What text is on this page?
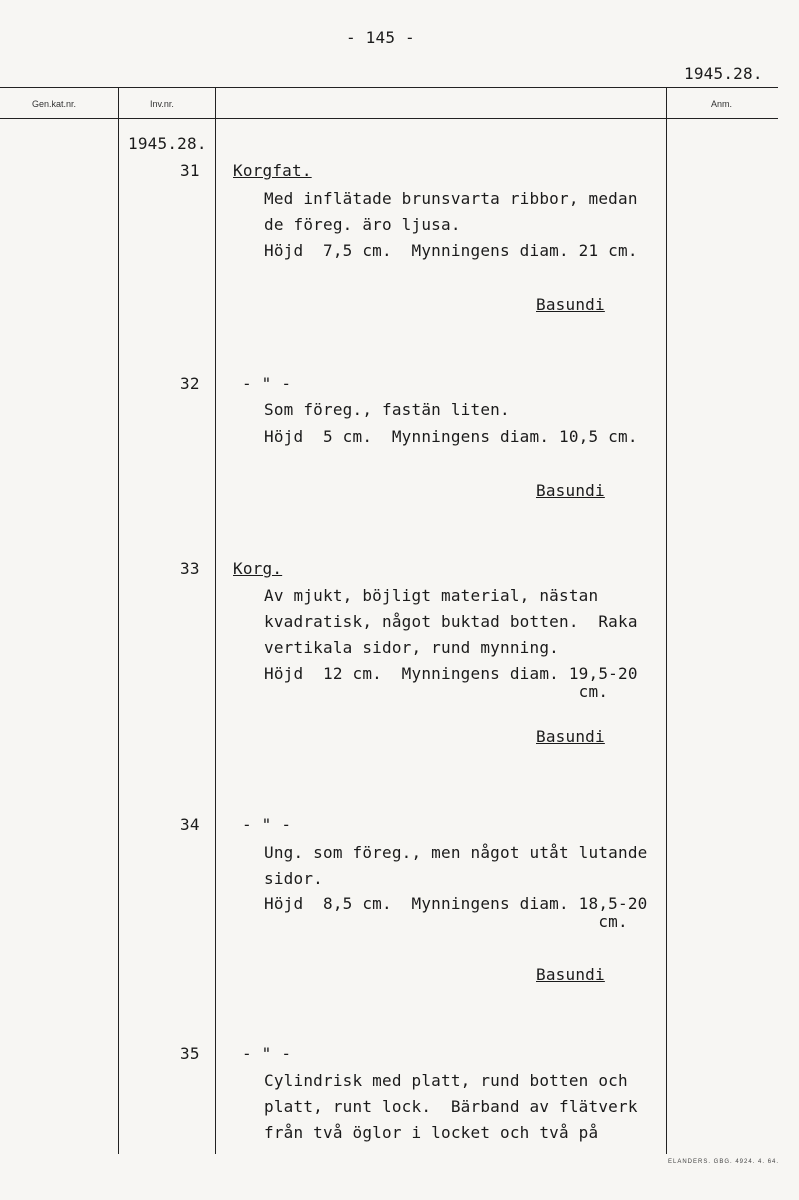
- 145 -
1945.28.
Gen.kat.nr.	Inv.nr.	Anm.
1945.28.
31 Korgfat.
Med inflätade brunsvarta ribbor, medan
de föreg. äro ljusa.
Höjd  7,5 cm.  Mynningens diam. 21 cm.
Basundi
32	- " -
Som föreg., fastän liten.
Höjd  5 cm.  Mynningens diam. 10,5 cm.
Basundi
33 Korg.
Av mjukt, böjligt material, nästan
kvadratisk, något buktad botten.  Raka
vertikala sidor, rund mynning.
Höjd  12 cm.  Mynningens diam. 19,5-20
cm.
Basundi
34	- " -
Ung. som föreg., men något utåt lutande
sidor.
Höjd  8,5 cm.  Mynningens diam. 18,5-20
cm.
Basundi
35	- " -
Cylindrisk med platt, rund botten och
platt, runt lock.  Bärband av flätverk
från två öglor i locket och två på
ELANDERS. GBG. 4924. 4. 64.
